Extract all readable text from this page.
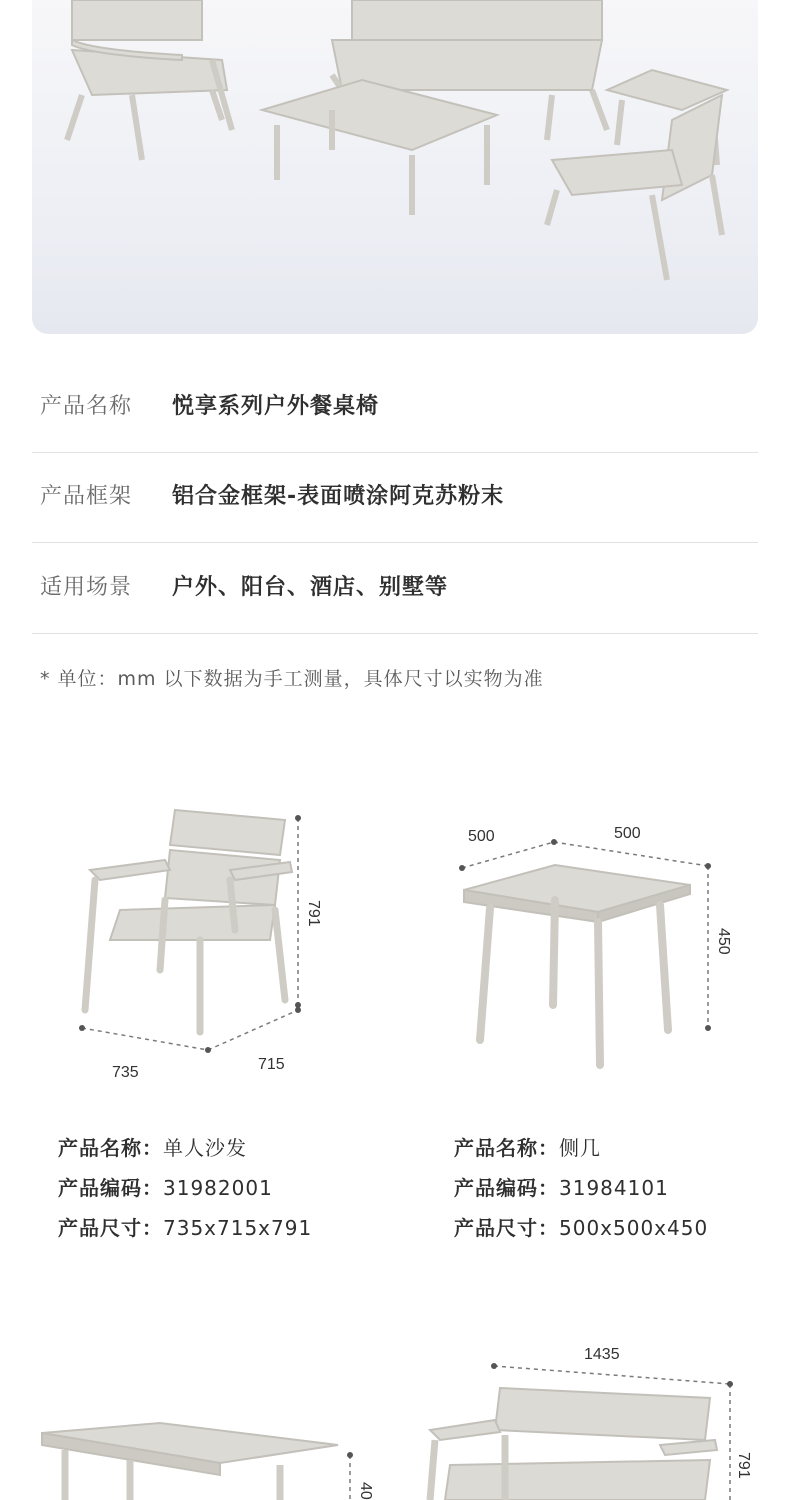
产品名称 悦享系列户外餐桌椅
产品框架 铝合金框架-表面喷涂阿克苏粉末
适用场景 户外、阳台、酒店、别墅等
* 单位：mm 以下数据为手工测量，具体尺寸以实物为准
735	715
791
500	500
450
产品名称：单人沙发
产品编码：31982001
产品尺寸：735x715x791
产品名称：侧几
产品编码：31984101
产品尺寸：500x500x450
40
1435
791
